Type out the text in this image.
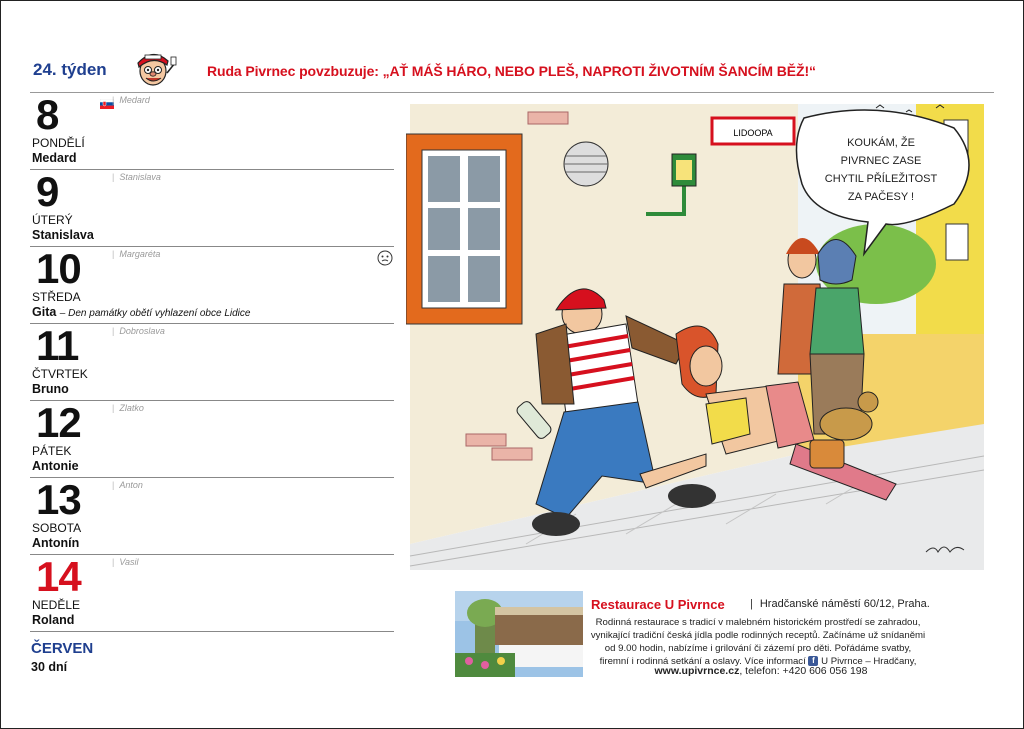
24. týden	Ruda Pivrnec povzbuzuje: „AŤ MÁŠ HÁRO, NEBO PLEŠ, NAPROTI ŽIVOTNÍM ŠANCÍM BĚŽ!“
8	| Medard
PONDĚLÍ
Medard
9	| Stanislava
ÚTERÝ
Stanislava
10	| Margaréta
STŘEDA
Gita – Den památky obětí vyhlazení obce Lidice
11	| Dobroslava
ČTVRTEK
Bruno
12	| Zlatko
PÁTEK
Antonie
13	| Anton
SOBOTA
Antonín
14	| Vasil
NEDĚLE
Roland
ČERVEN
30 dní
LIDOOPA
KOUKÁM, ŽE
PIVRNEC ZASE
CHYTIL PŘÍLEŽITOST
ZA PAČESY !
Restaurace U Pivrnce	| Hradčanské náměstí 60/12, Praha.
Rodinná restaurace s tradicí v malebném historickém prostředí se zahradou, vynikající tradiční česká jídla podle rodinných receptů. Začínáme už snídaněmi od 9.00 hodin, nabízíme i grilování či zázemí pro děti. Pořádáme svatby, firemní i rodinná setkání a oslavy. Více informací f U Pivrnce – Hradčany,
www.upivrnce.cz, telefon: +420 606 056 198
